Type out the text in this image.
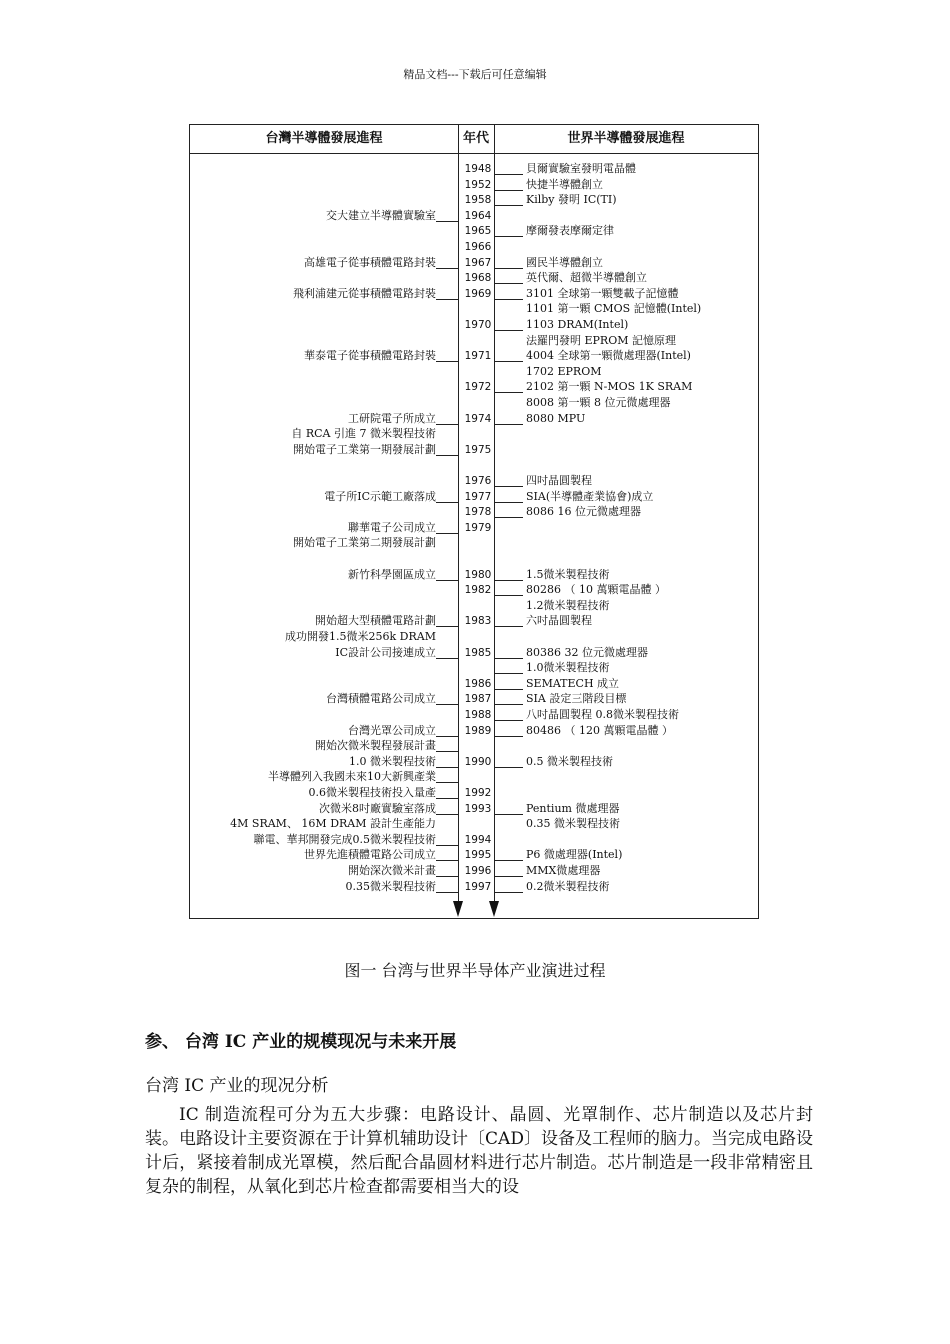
精品文档---下载后可任意编辑
台灣半導體發展進程	年代	世界半導體發展進程
交大建立半導體實驗室
高雄電子從事積體電路封裝
飛利浦建元從事積體電路封裝
華泰電子從事積體電路封裝
工研院電子所成立
自 RCA 引進 7 微米製程技術
開始電子工業第一期發展計劃
電子所IC示範工廠落成
聯華電子公司成立
開始電子工業第二期發展計劃
新竹科學園區成立
開始超大型積體電路計劃
成功開發1.5微米256k DRAM
IC設計公司接連成立
台灣積體電路公司成立
台灣光罩公司成立
開始次微米製程發展計畫
1.0 微米製程技術
半導體列入我國未來10大新興產業
0.6微米製程技術投入量產
次微米8吋廠實驗室落成
4M SRAM、 16M DRAM 設計生產能力
聯電、華邦開發完成0.5微米製程技術
世界先進積體電路公司成立
開始深次微米計畫
0.35微米製程技術
1948
1952
1958
1964
1965
1966
1967
1968
1969
1970
1971
1972
1974
1975
1976
1977
1978
1979
1980
1982
1983
1985
1986
1987
1988
1989
1990
1992
1993
1994
1995
1996
1997
貝爾實驗室發明電晶體
快捷半導體創立
Kilby 發明 IC(TI)
摩爾發表摩爾定律
國民半導體創立
英代爾、超微半導體創立
3101 全球第一顆雙載子記憶體
1101 第一顆 CMOS 記憶體(Intel)
1103 DRAM(Intel)
法羅門發明 EPROM 記憶原理
4004 全球第一顆微處理器(Intel)
1702 EPROM
2102 第一顆 N-MOS 1K SRAM
8008 第一顆 8 位元微處理器
8080 MPU
四吋晶圓製程
SIA(半導體產業協會)成立
8086 16 位元微處理器
1.5微米製程技術
80286 （ 10 萬顆電晶體 ）
1.2微米製程技術
六吋晶圓製程
80386 32 位元微處理器
1.0微米製程技術
SEMATECH 成立
SIA 設定三階段目標
八吋晶圓製程 0.8微米製程技術
80486 （ 120 萬顆電晶體 ）
0.5 微米製程技術
Pentium 微處理器
0.35 微米製程技術
P6 微處理器(Intel)
MMX微處理器
0.2微米製程技術
图一 台湾与世界半导体产业演进过程
参、 台湾 IC 产业的规模现况与未来开展
台湾 IC 产业的现况分析
IC 制造流程可分为五大步骤：电路设计、晶圆、光罩制作、芯片制造以及芯片封装。电路设计主要资源在于计算机辅助设计〔CAD〕设备及工程师的脑力。当完成电路设计后，紧接着制成光罩模，然后配合晶圆材料进行芯片制造。芯片制造是一段非常精密且复杂的制程，从氧化到芯片检查都需要相当大的设
